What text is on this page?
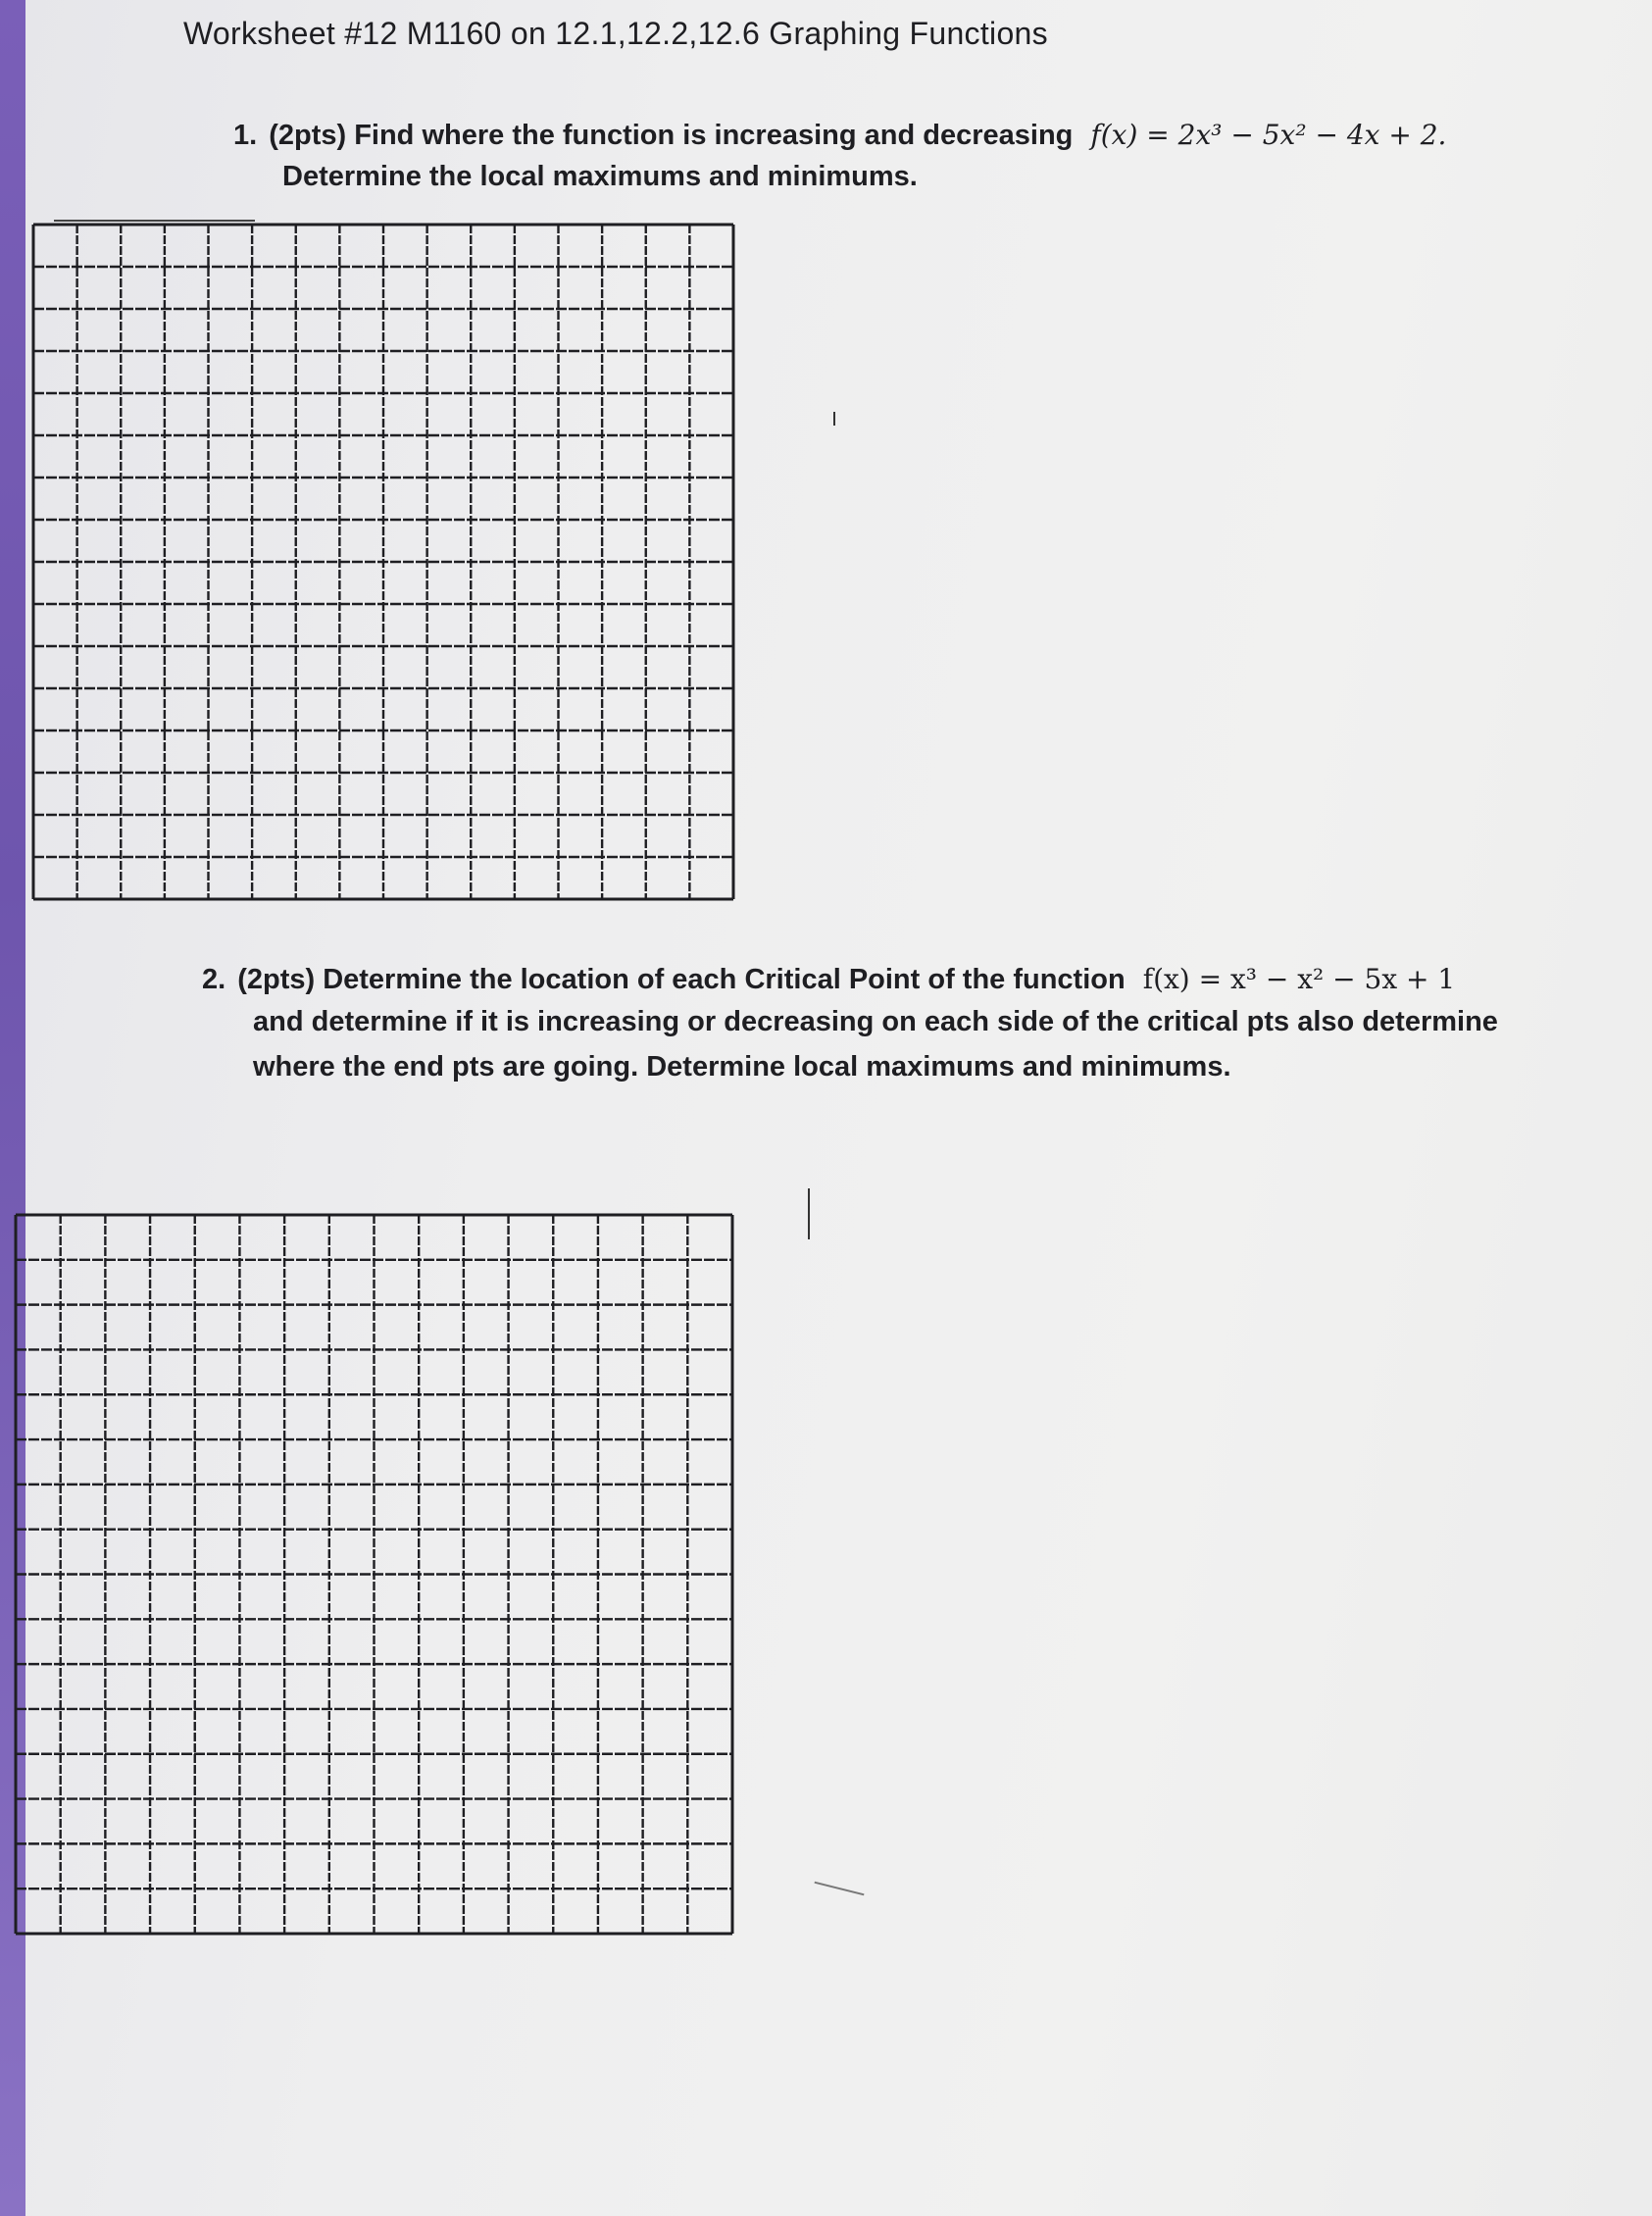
Worksheet #12 M1160 on 12.1,12.2,12.6 Graphing Functions
1. (2pts) Find where the function is increasing and decreasing f(x) = 2x³ − 5x² − 4x + 2.
Determine the local maximums and minimums.
2. (2pts) Determine the location of each Critical Point of the function f(x) = x³ − x² − 5x + 1
and determine if it is increasing or decreasing on each side of the critical pts also determine
where the end pts are going. Determine local maximums and minimums.
